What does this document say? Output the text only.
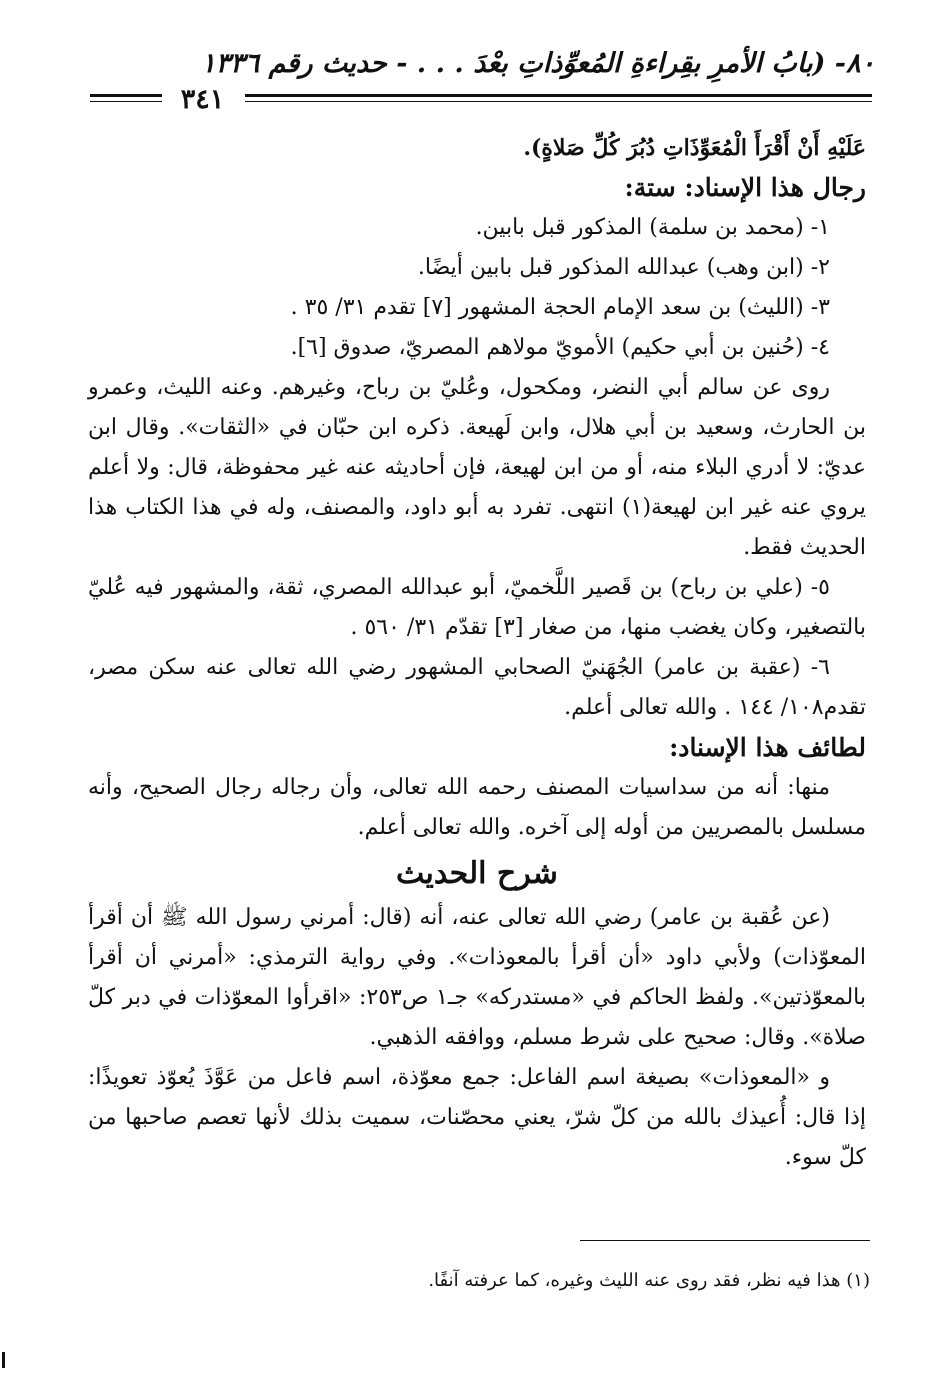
٨٠- (بابُ الأمرِ بقِراءةِ المُعوِّذاتِ بعْدَ . . . - حديث رقم ١٣٣٦
٣٤١

عَلَيْهِ أَنْ أَقْرَأَ الْمُعَوِّذَاتِ دُبُرَ كُلِّ صَلاةٍ).

رجال هذا الإسناد: ستة:

١- (محمد بن سلمة) المذكور قبل بابين.

٢- (ابن وهب) عبدالله المذكور قبل بابين أيضًا.

٣- (الليث) بن سعد الإمام الحجة المشهور [٧] تقدم ٣١/ ٣٥ .

٤- (حُنين بن أبي حكيم) الأمويّ مولاهم المصريّ، صدوق [٦].

روى عن سالم أبي النضر، ومكحول، وعُليّ بن رباح، وغيرهم. وعنه الليث، وعمرو بن الحارث، وسعيد بن أبي هلال، وابن لَهيعة. ذكره ابن حبّان في «الثقات». وقال ابن عديّ: لا أدري البلاء منه، أو من ابن لهيعة، فإن أحاديثه عنه غير محفوظة، قال: ولا أعلم يروي عنه غير ابن لهيعة(١) انتهى. تفرد به أبو داود، والمصنف، وله في هذا الكتاب هذا الحديث فقط.

٥- (علي بن رباح) بن قَصير اللَّخميّ، أبو عبدالله المصري، ثقة، والمشهور فيه عُليّ بالتصغير، وكان يغضب منها، من صغار [٣] تقدّم ٣١/ ٥٦٠ .

٦- (عقبة بن عامر) الجُهَنيّ الصحابي المشهور رضي الله تعالى عنه سكن مصر، تقدم١٠٨/ ١٤٤ . والله تعالى أعلم.

لطائف هذا الإسناد:

منها: أنه من سداسيات المصنف رحمه الله تعالى، وأن رجاله رجال الصحيح، وأنه مسلسل بالمصريين من أوله إلى آخره. والله تعالى أعلم.

شرح الحديث

(عن عُقبة بن عامر) رضي الله تعالى عنه، أنه (قال: أمرني رسول الله ﷺ أن أقرأ المعوّذات) ولأبي داود «أن أقرأ بالمعوذات». وفي رواية الترمذي: «أمرني أن أقرأ بالمعوّذتين». ولفظ الحاكم في «مستدركه» جـ١ ص٢٥٣: «اقرأوا المعوّذات في دبر كلّ صلاة». وقال: صحيح على شرط مسلم، ووافقه الذهبي.

و «المعوذات» بصيغة اسم الفاعل: جمع معوّذة، اسم فاعل من عَوَّذَ يُعوّذ تعويذًا: إذا قال: أُعيذك بالله من كلّ شرّ، يعني محصّنات، سميت بذلك لأنها تعصم صاحبها من كلّ سوء.

(١) هذا فيه نظر، فقد روى عنه الليث وغيره، كما عرفته آنفًا.
